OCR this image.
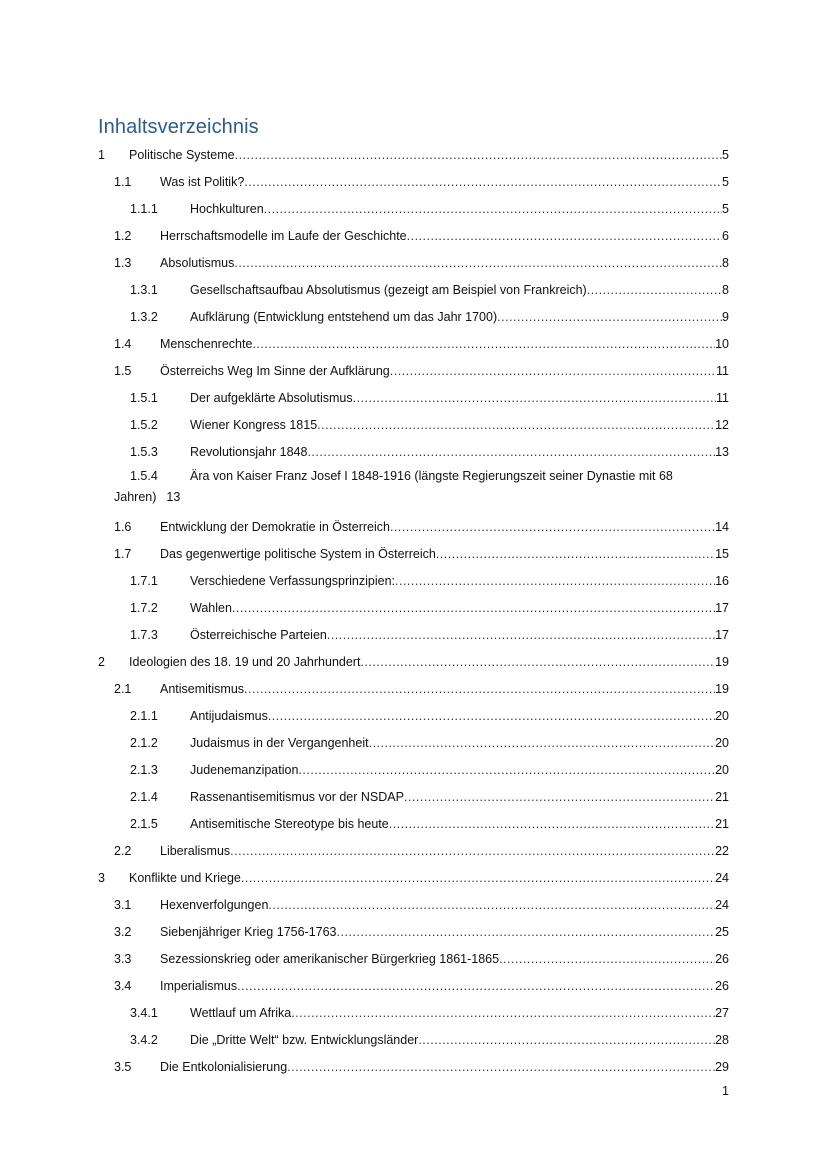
Inhaltsverzeichnis
1 Politische Systeme .....	5
1.1 Was ist Politik? .....	5
1.1.1	Hochkulturen .....	5
1.2 Herrschaftsmodelle im Laufe der Geschichte .....	6
1.3 Absolutismus .....	8
1.3.1	Gesellschaftsaufbau Absolutismus (gezeigt am Beispiel von Frankreich) .....	8
1.3.2	Aufklärung (Entwicklung entstehend um das Jahr 1700) .....	9
1.4 Menschenrechte .....	10
1.5 Österreichs Weg Im Sinne der Aufklärung .....	11
1.5.1	Der aufgeklärte Absolutismus .....	11
1.5.2	Wiener Kongress 1815 .....	12
1.5.3	Revolutionsjahr 1848 .....	13
1.5.4	Ära von Kaiser Franz Josef I 1848-1916 (längste Regierungszeit seiner Dynastie mit 68
Jahren) 13
1.6 Entwicklung der Demokratie in Österreich .....	14
1.7 Das gegenwertige politische System in Österreich .....	15
1.7.1	Verschiedene Verfassungsprinzipien: .....	16
1.7.2	Wahlen .....	17
1.7.3	Österreichische Parteien .....	17
2 Ideologien des 18. 19 und 20 Jahrhundert .....	19
2.1 Antisemitismus .....	19
2.1.1	Antijudaismus .....	20
2.1.2	Judaismus in der Vergangenheit .....	20
2.1.3	Judenemanzipation .....	20
2.1.4	Rassenantisemitismus vor der NSDAP .....	21
2.1.5	Antisemitische Stereotype bis heute .....	21
2.2 Liberalismus .....	22
3 Konflikte und Kriege .....	24
3.1 Hexenverfolgungen .....	24
3.2 Siebenjähriger Krieg 1756-1763 .....	25
3.3 Sezessionskrieg oder amerikanischer Bürgerkrieg 1861-1865 .....	26
3.4 Imperialismus .....	26
3.4.1	Wettlauf um Afrika .....	27
3.4.2	Die „Dritte Welt“ bzw. Entwicklungsländer .....	28
3.5 Die Entkolonialisierung .....	29
1
